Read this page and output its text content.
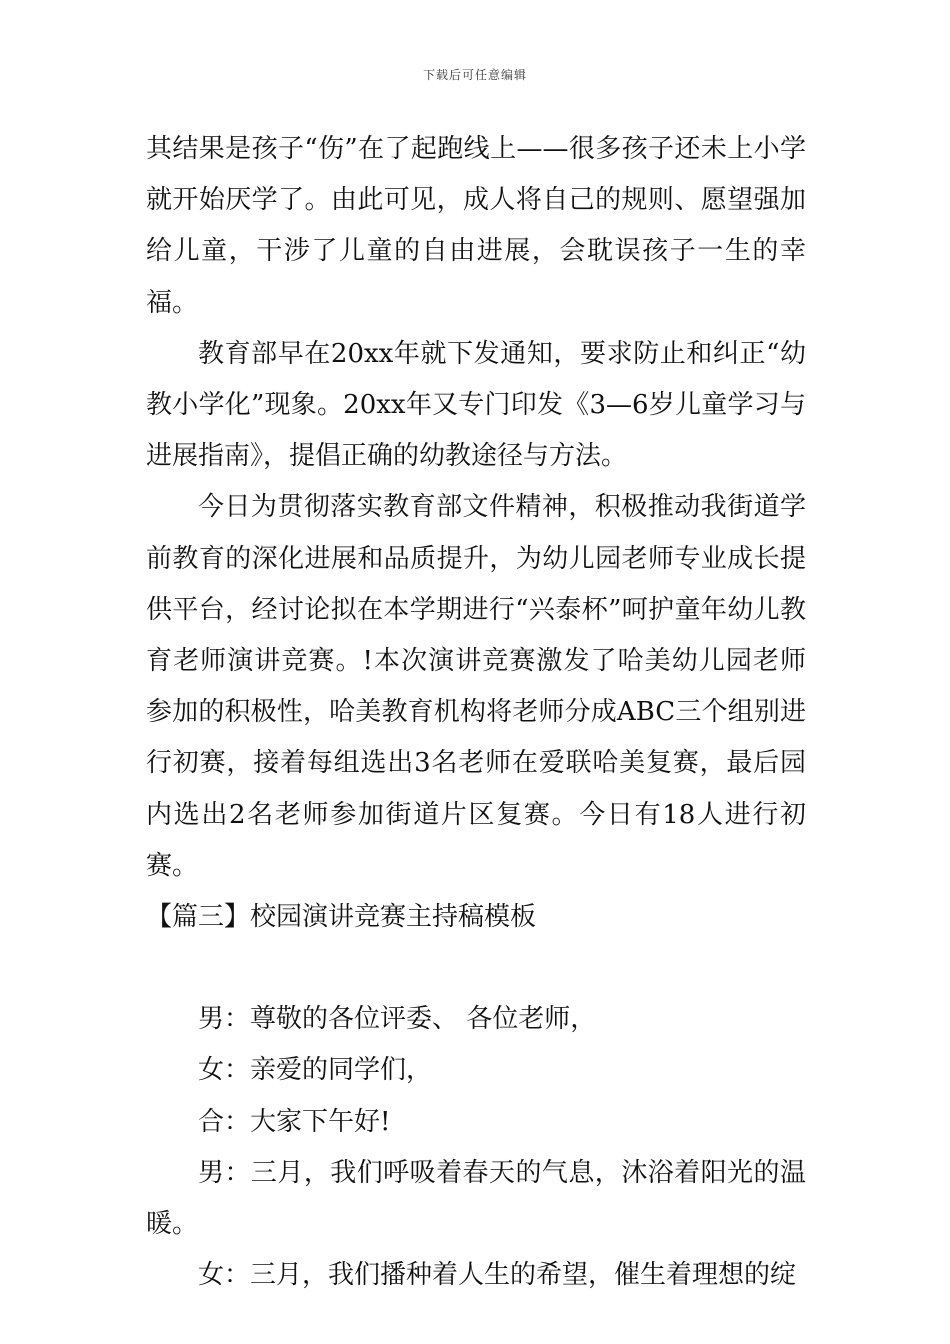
下载后可任意编辑

其结果是孩子“伤”在了起跑线上——很多孩子还未上小学就开始厌学了。由此可见，成人将自己的规则、愿望强加给儿童，干涉了儿童的自由进展，会耽误孩子一生的幸福。

教育部早在20xx年就下发通知，要求防止和纠正“幼教小学化”现象。20xx年又专门印发《3—6岁儿童学习与进展指南》，提倡正确的幼教途径与方法。

今日为贯彻落实教育部文件精神，积极推动我街道学前教育的深化进展和品质提升，为幼儿园老师专业成长提供平台，经讨论拟在本学期进行“兴泰杯”呵护童年幼儿教育老师演讲竞赛。!本次演讲竞赛激发了哈美幼儿园老师参加的积极性，哈美教育机构将老师分成ABC三个组别进行初赛，接着每组选出3名老师在爱联哈美复赛，最后园内选出2名老师参加街道片区复赛。今日有18人进行初赛。

【篇三】校园演讲竞赛主持稿模板

男：尊敬的各位评委、 各位老师，

女：亲爱的同学们，

合：大家下午好!

男：三月，我们呼吸着春天的气息，沐浴着阳光的温暖。

女：三月，我们播种着人生的希望，催生着理想的绽
